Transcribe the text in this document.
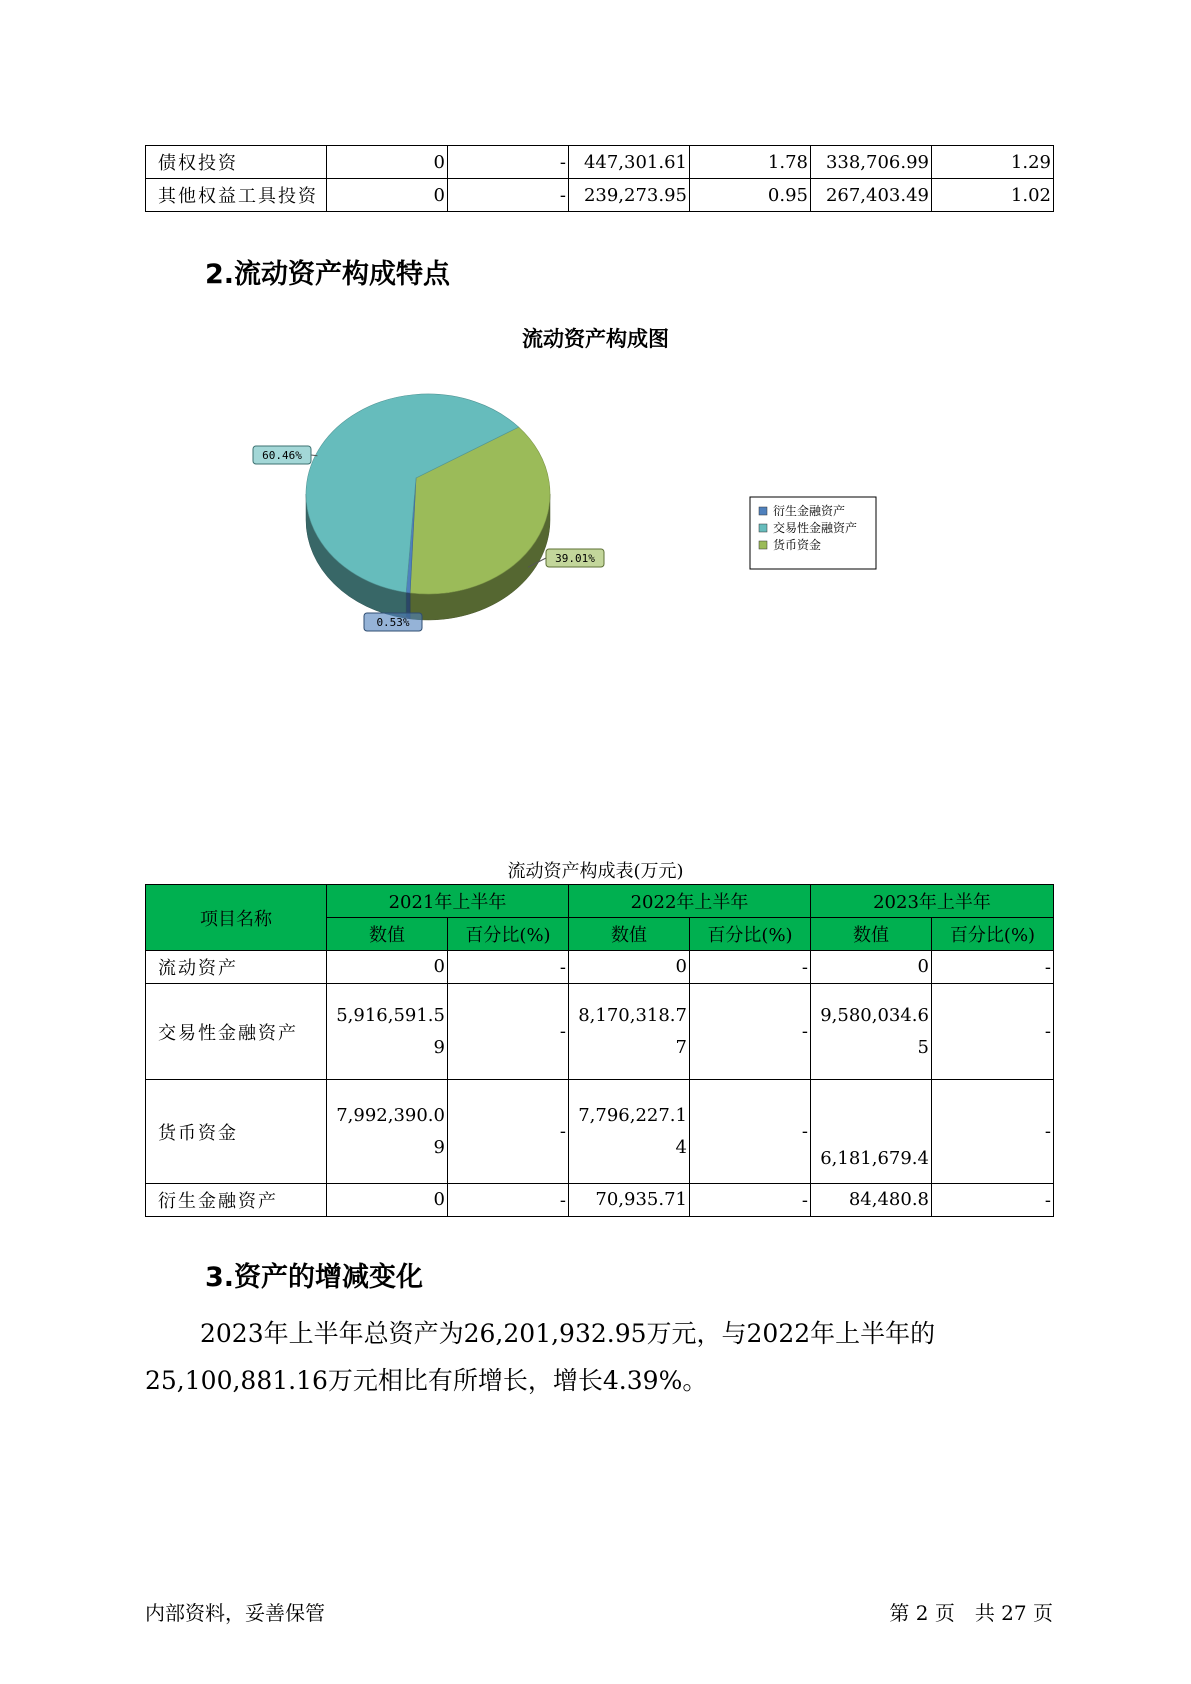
债权投资	0	-	447,301.61	1.78	338,706.99	1.29
其他权益工具投资	0	-	239,273.95	0.95	267,403.49	1.02
2.流动资产构成特点
流动资产构成图
60.46%
39.01%
0.53%
衍生金融资产
交易性金融资产
货币资金
流动资产构成表(万元)
项目名称	2021年上半年		2022年上半年		2023年上半年	
	数值	百分比(%)	数值	百分比(%)	数值	百分比(%)
流动资产	0	-	0	-	0	-
交易性金融资产	5,916,591.59	-	8,170,318.77	-	9,580,034.65	-
货币资金	7,992,390.09	-	7,796,227.14	-	6,181,679.4	-
衍生金融资产	0	-	70,935.71	-	84,480.8	-
3.资产的增减变化

2023年上半年总资产为26,201,932.95万元，与2022年上半年的25,100,881.16万元相比有所增长，增长4.39%。

内部资料，妥善保管	第 2 页　共 27 页
